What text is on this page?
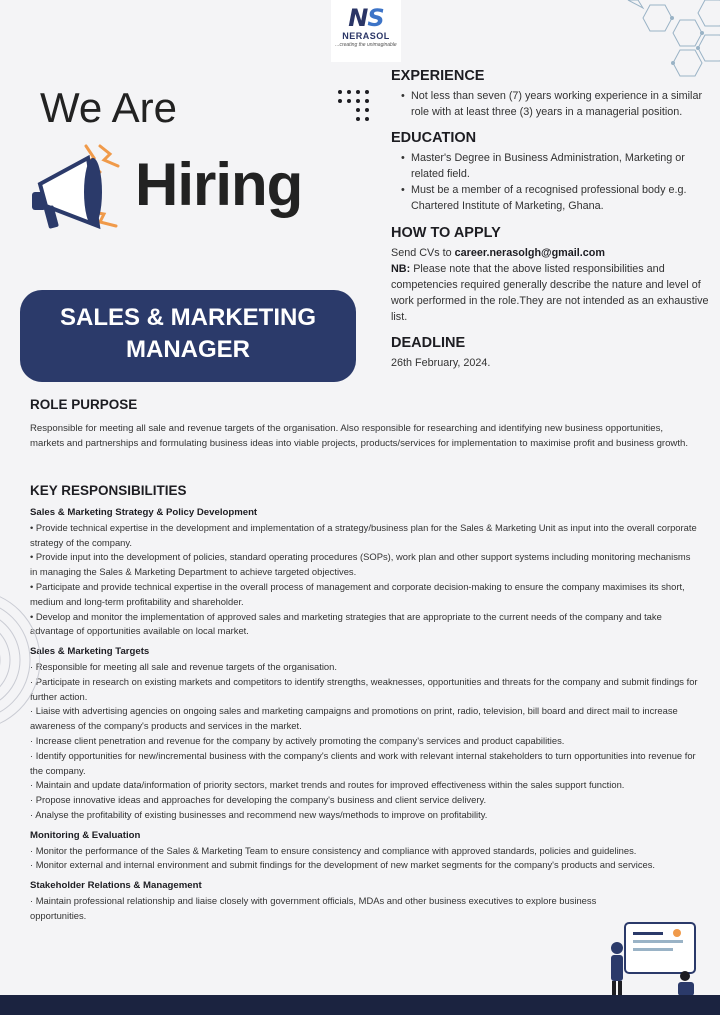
NS
NERASOL
...creating the unimaginable
We Are
Hiring
SALES & MARKETING
MANAGER
EXPERIENCE
• Not less than seven (7) years working experience in a similar role with at least three (3) years in a managerial position.
EDUCATION
• Master's Degree in Business Administration, Marketing or related field.
• Must be a member of a recognised professional body e.g. Chartered Institute of Marketing, Ghana.
HOW TO APPLY
Send CVs to career.nerasolgh@gmail.com
NB: Please note that the above listed responsibilities and competencies required generally describe the nature and level of work performed in the role.They are not intended as an exhaustive list.
DEADLINE
26th February, 2024.
ROLE PURPOSE
Responsible for meeting all sale and revenue targets of the organisation. Also responsible for researching and identifying new business opportunities, markets and partnerships and formulating business ideas into viable projects, products/services for implementation to maximise profit and business growth.
KEY RESPONSIBILITIES
Sales & Marketing Strategy & Policy Development

• Provide technical expertise in the development and implementation of a strategy/business plan for the Sales & Marketing Unit as input into the overall corporate strategy of the company.

• Provide input into the development of policies, standard operating procedures (SOPs), work plan and other support systems including monitoring mechanisms in managing the Sales & Marketing Department to achieve targeted objectives.

• Participate and provide technical expertise in the overall process of management and corporate decision-making to ensure the company maximises its short, medium and long-term profitability and shareholder.

• Develop and monitor the implementation of approved sales and marketing strategies that are appropriate to the current needs of the company and take advantage of opportunities available on local market.

Sales & Marketing Targets

· Responsible for meeting all sale and revenue targets of the organisation.

· Participate in research on existing markets and competitors to identify strengths, weaknesses, opportunities and threats for the company and submit findings for further action.

· Liaise with advertising agencies on ongoing sales and marketing campaigns and promotions on print, radio, television, bill board and direct mail to increase awareness of the company's products and services in the market.

· Increase client penetration and revenue for the company by actively promoting the company's services and product capabilities.

· Identify opportunities for new/incremental business with the company's clients and work with relevant internal stakeholders to turn opportunities into revenue for the company.

· Maintain and update data/information of priority sectors, market trends and routes for improved effectiveness within the sales support function.

· Propose innovative ideas and approaches for developing the company's business and client service delivery.

· Analyse the profitability of existing businesses and recommend new ways/methods to improve on profitability.

Monitoring & Evaluation

· Monitor the performance of the Sales & Marketing Team to ensure consistency and compliance with approved standards, policies and guidelines.

· Monitor external and internal environment and submit findings for the development of new market segments for the company's products and services.

Stakeholder Relations & Management

· Maintain professional relationship and liaise closely with government officials, MDAs and other business executives to explore business opportunities.
